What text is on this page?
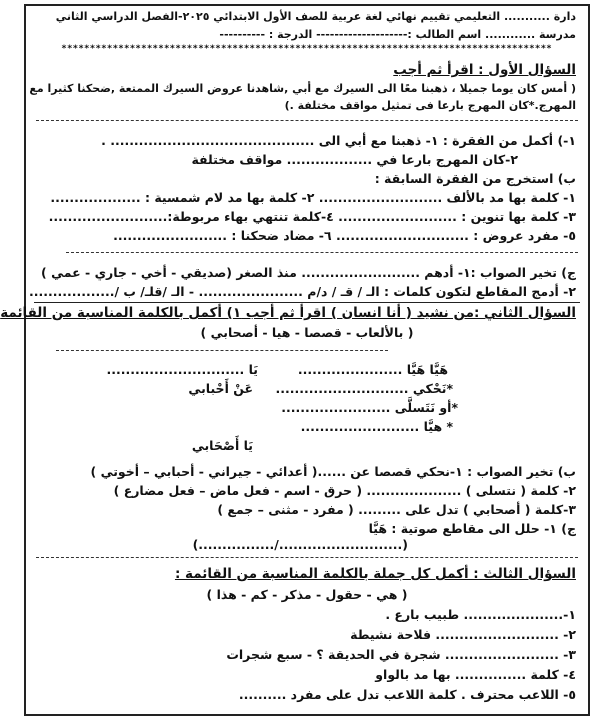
دارة ........... التعليمي تقييم نهائي لغة عربية للصف الأول الابتدائي ٢٠٢٥-الفصل الدراسي الثاني
مدرسة ............ اسم الطالب :-------------------- الدرجة : ----------
**************************************************************************************
السؤال الأول : اقرأ ثم أجب
( أمس كان يوما جميلا ، ذهبنا معًا الى السيرك مع أبي ,شاهدنا عروض السيرك الممتعة ,ضحكنا كثيرا مع
المهرج.*كان المهرج بارعا فى تمثيل مواقف مختلفة .)
١-) أكمل من الفقرة : ١- ذهبنا مع أبي الى ........................................... .
٢-كان المهرج بارعا في .................. مواقف مختلفة
ب) استخرج من الفقرة السابقة :
١- كلمة بها مد بالألف .......................... ٢- كلمة بها مد لام شمسية : ...................
٣- كلمة بها تنوين : ......................... ٤-كلمة تنتهي بهاء مربوطة:.........................
٥- مفرد عروض : ............................ ٦- مضاد ضحكنا : ........................
ج) تخير الصواب :١- أدهم ......................... منذ الصغر (صديقي - أخي - جاري - عمي )
٢- أدمج المقاطع لتكون كلمات : الـ / قـ / د/م ...................... - الـ /قلـ/ ب /..................
السؤال الثاني :من نشيد ( أنا انسان ) اقرأ ثم أجب ١) أكمل بالكلمة المناسبة من القائمة
( بالألعاب - قصصا - هيا - أصحابي )
هَيَّا هَيَّا ......................
يَا .............................
*نَحْكي ............................
عَنْ أَحْبابي
*أو نَتَسلَّى .......................
* هيَّا .........................
يَا أَصْحَابي
ب) تخير الصواب : ١-نحكي قصصا عن ......( أعدائي - جيراني - أحبابي – أخوتي )
٢- كلمة ( نتسلى ) .................... ( حرق - اسم - فعل ماض – فعل مضارع )
٣-كلمة ( أصحابي ) تدل على ......... ( مفرد - مثنى – جمع )
ج) ١- حلل الى مقاطع صوتية : هَيَّا
(........................../................)
السؤال الثالث : أكمل كل جملة بالكلمة المناسبة من القائمة :
( هي - حقول - مذكر - كم - هذا )
١-..................... طبيب بارع .
٢- .......................... فلاحة نشيطة
٣- ........................ شجرة في الحديقة ؟ - سبع شجرات
٤- كلمة ............... بها مد بالواو
٥- اللاعب محترف . كلمة اللاعب تدل على مفرد ..........
